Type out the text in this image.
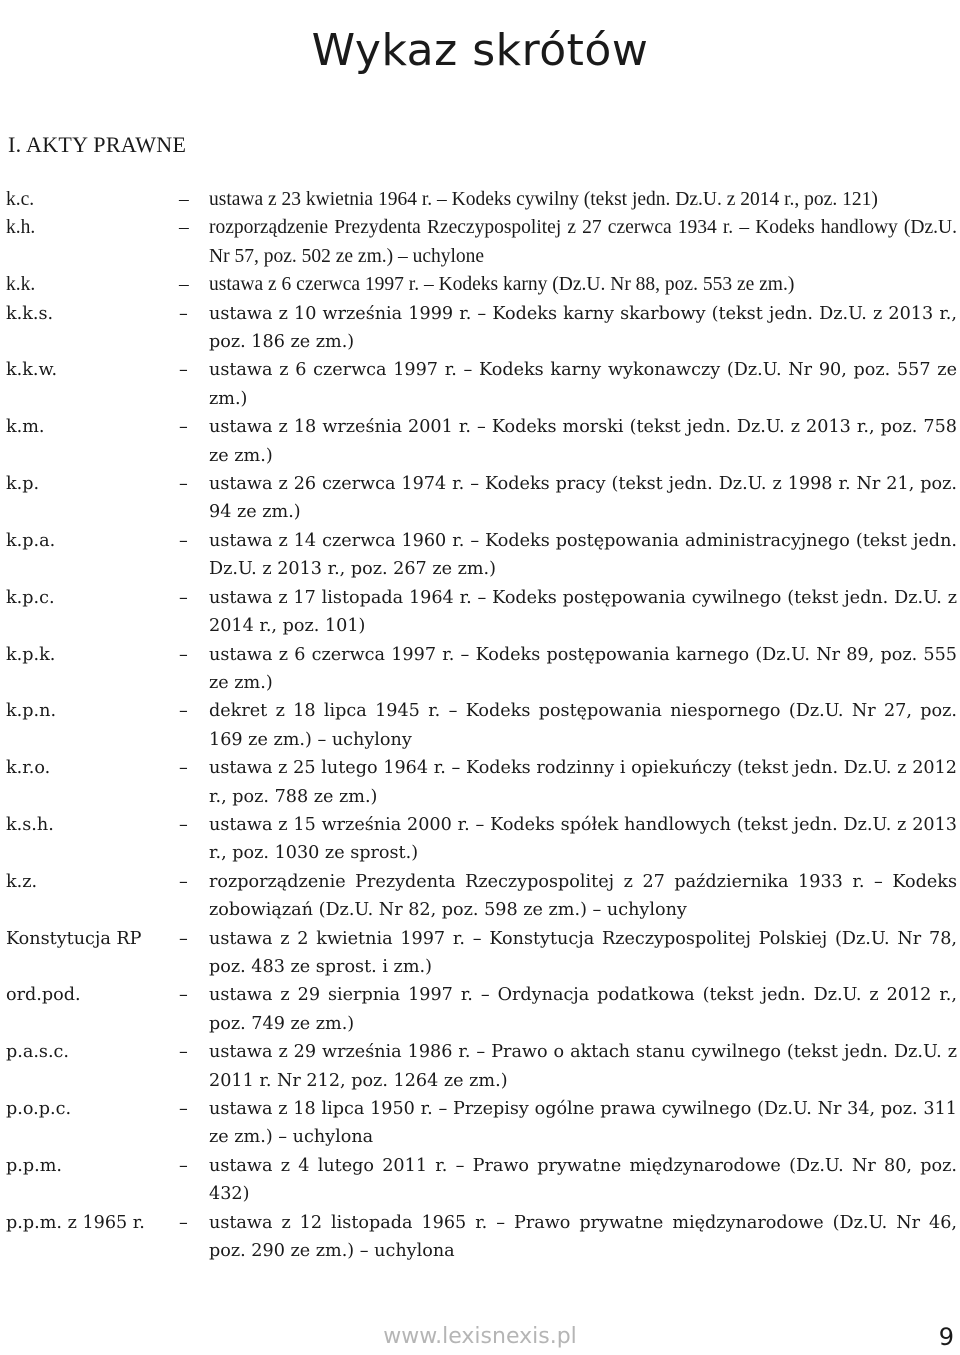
Wykaz skrótów
I. AKTY PRAWNE
k.c.	– ustawa z 23 kwietnia 1964 r. – Kodeks cywilny (tekst jedn. Dz.U. z 2014 r., poz. 121)
k.h.	– rozporządzenie Prezydenta Rzeczypospolitej z 27 czerwca 1934 r. – Kodeks handlowy (Dz.U. Nr 57, poz. 502 ze zm.) – uchylone
k.k.	– ustawa z 6 czerwca 1997 r. – Kodeks karny (Dz.U. Nr 88, poz. 553 ze zm.)
k.k.s.	– ustawa z 10 września 1999 r. – Kodeks karny skarbowy (tekst jedn. Dz.U. z 2013 r., poz. 186 ze zm.)
k.k.w.	– ustawa z 6 czerwca 1997 r. – Kodeks karny wykonawczy (Dz.U. Nr 90, poz. 557 ze zm.)
k.m.	– ustawa z 18 września 2001 r. – Kodeks morski (tekst jedn. Dz.U. z 2013 r., poz. 758 ze zm.)
k.p.	– ustawa z 26 czerwca 1974 r. – Kodeks pracy (tekst jedn. Dz.U. z 1998 r. Nr 21, poz. 94 ze zm.)
k.p.a.	– ustawa z 14 czerwca 1960 r. – Kodeks postępowania administracyjnego (tekst jedn. Dz.U. z 2013 r., poz. 267 ze zm.)
k.p.c.	– ustawa z 17 listopada 1964 r. – Kodeks postępowania cywilnego (tekst jedn. Dz.U. z 2014 r., poz. 101)
k.p.k.	– ustawa z 6 czerwca 1997 r. – Kodeks postępowania karnego (Dz.U. Nr 89, poz. 555 ze zm.)
k.p.n.	– dekret z 18 lipca 1945 r. – Kodeks postępowania niespornego (Dz.U. Nr 27, poz. 169 ze zm.) – uchylony
k.r.o.	– ustawa z 25 lutego 1964 r. – Kodeks rodzinny i opiekuńczy (tekst jedn. Dz.U. z 2012 r., poz. 788 ze zm.)
k.s.h.	– ustawa z 15 września 2000 r. – Kodeks spółek handlowych (tekst jedn. Dz.U. z 2013 r., poz. 1030 ze sprost.)
k.z.	– rozporządzenie Prezydenta Rzeczypospolitej z 27 października 1933 r. – Kodeks zobowiązań (Dz.U. Nr 82, poz. 598 ze zm.) – uchylony
Konstytucja RP – ustawa z 2 kwietnia 1997 r. – Konstytucja Rzeczypospolitej Polskiej (Dz.U. Nr 78, poz. 483 ze sprost. i zm.)
ord.pod.	– ustawa z 29 sierpnia 1997 r. – Ordynacja podatkowa (tekst jedn. Dz.U. z 2012 r., poz. 749 ze zm.)
p.a.s.c.	– ustawa z 29 września 1986 r. – Prawo o aktach stanu cywilnego (tekst jedn. Dz.U. z 2011 r. Nr 212, poz. 1264 ze zm.)
p.o.p.c.	– ustawa z 18 lipca 1950 r. – Przepisy ogólne prawa cywilnego (Dz.U. Nr 34, poz. 311 ze zm.) – uchylona
p.p.m.	– ustawa z 4 lutego 2011 r. – Prawo prywatne międzynarodowe (Dz.U. Nr 80, poz. 432)
p.p.m. z 1965 r. – ustawa z 12 listopada 1965 r. – Prawo prywatne międzynarodowe (Dz.U. Nr 46, poz. 290 ze zm.) – uchylona
www.lexisnexis.pl	9
